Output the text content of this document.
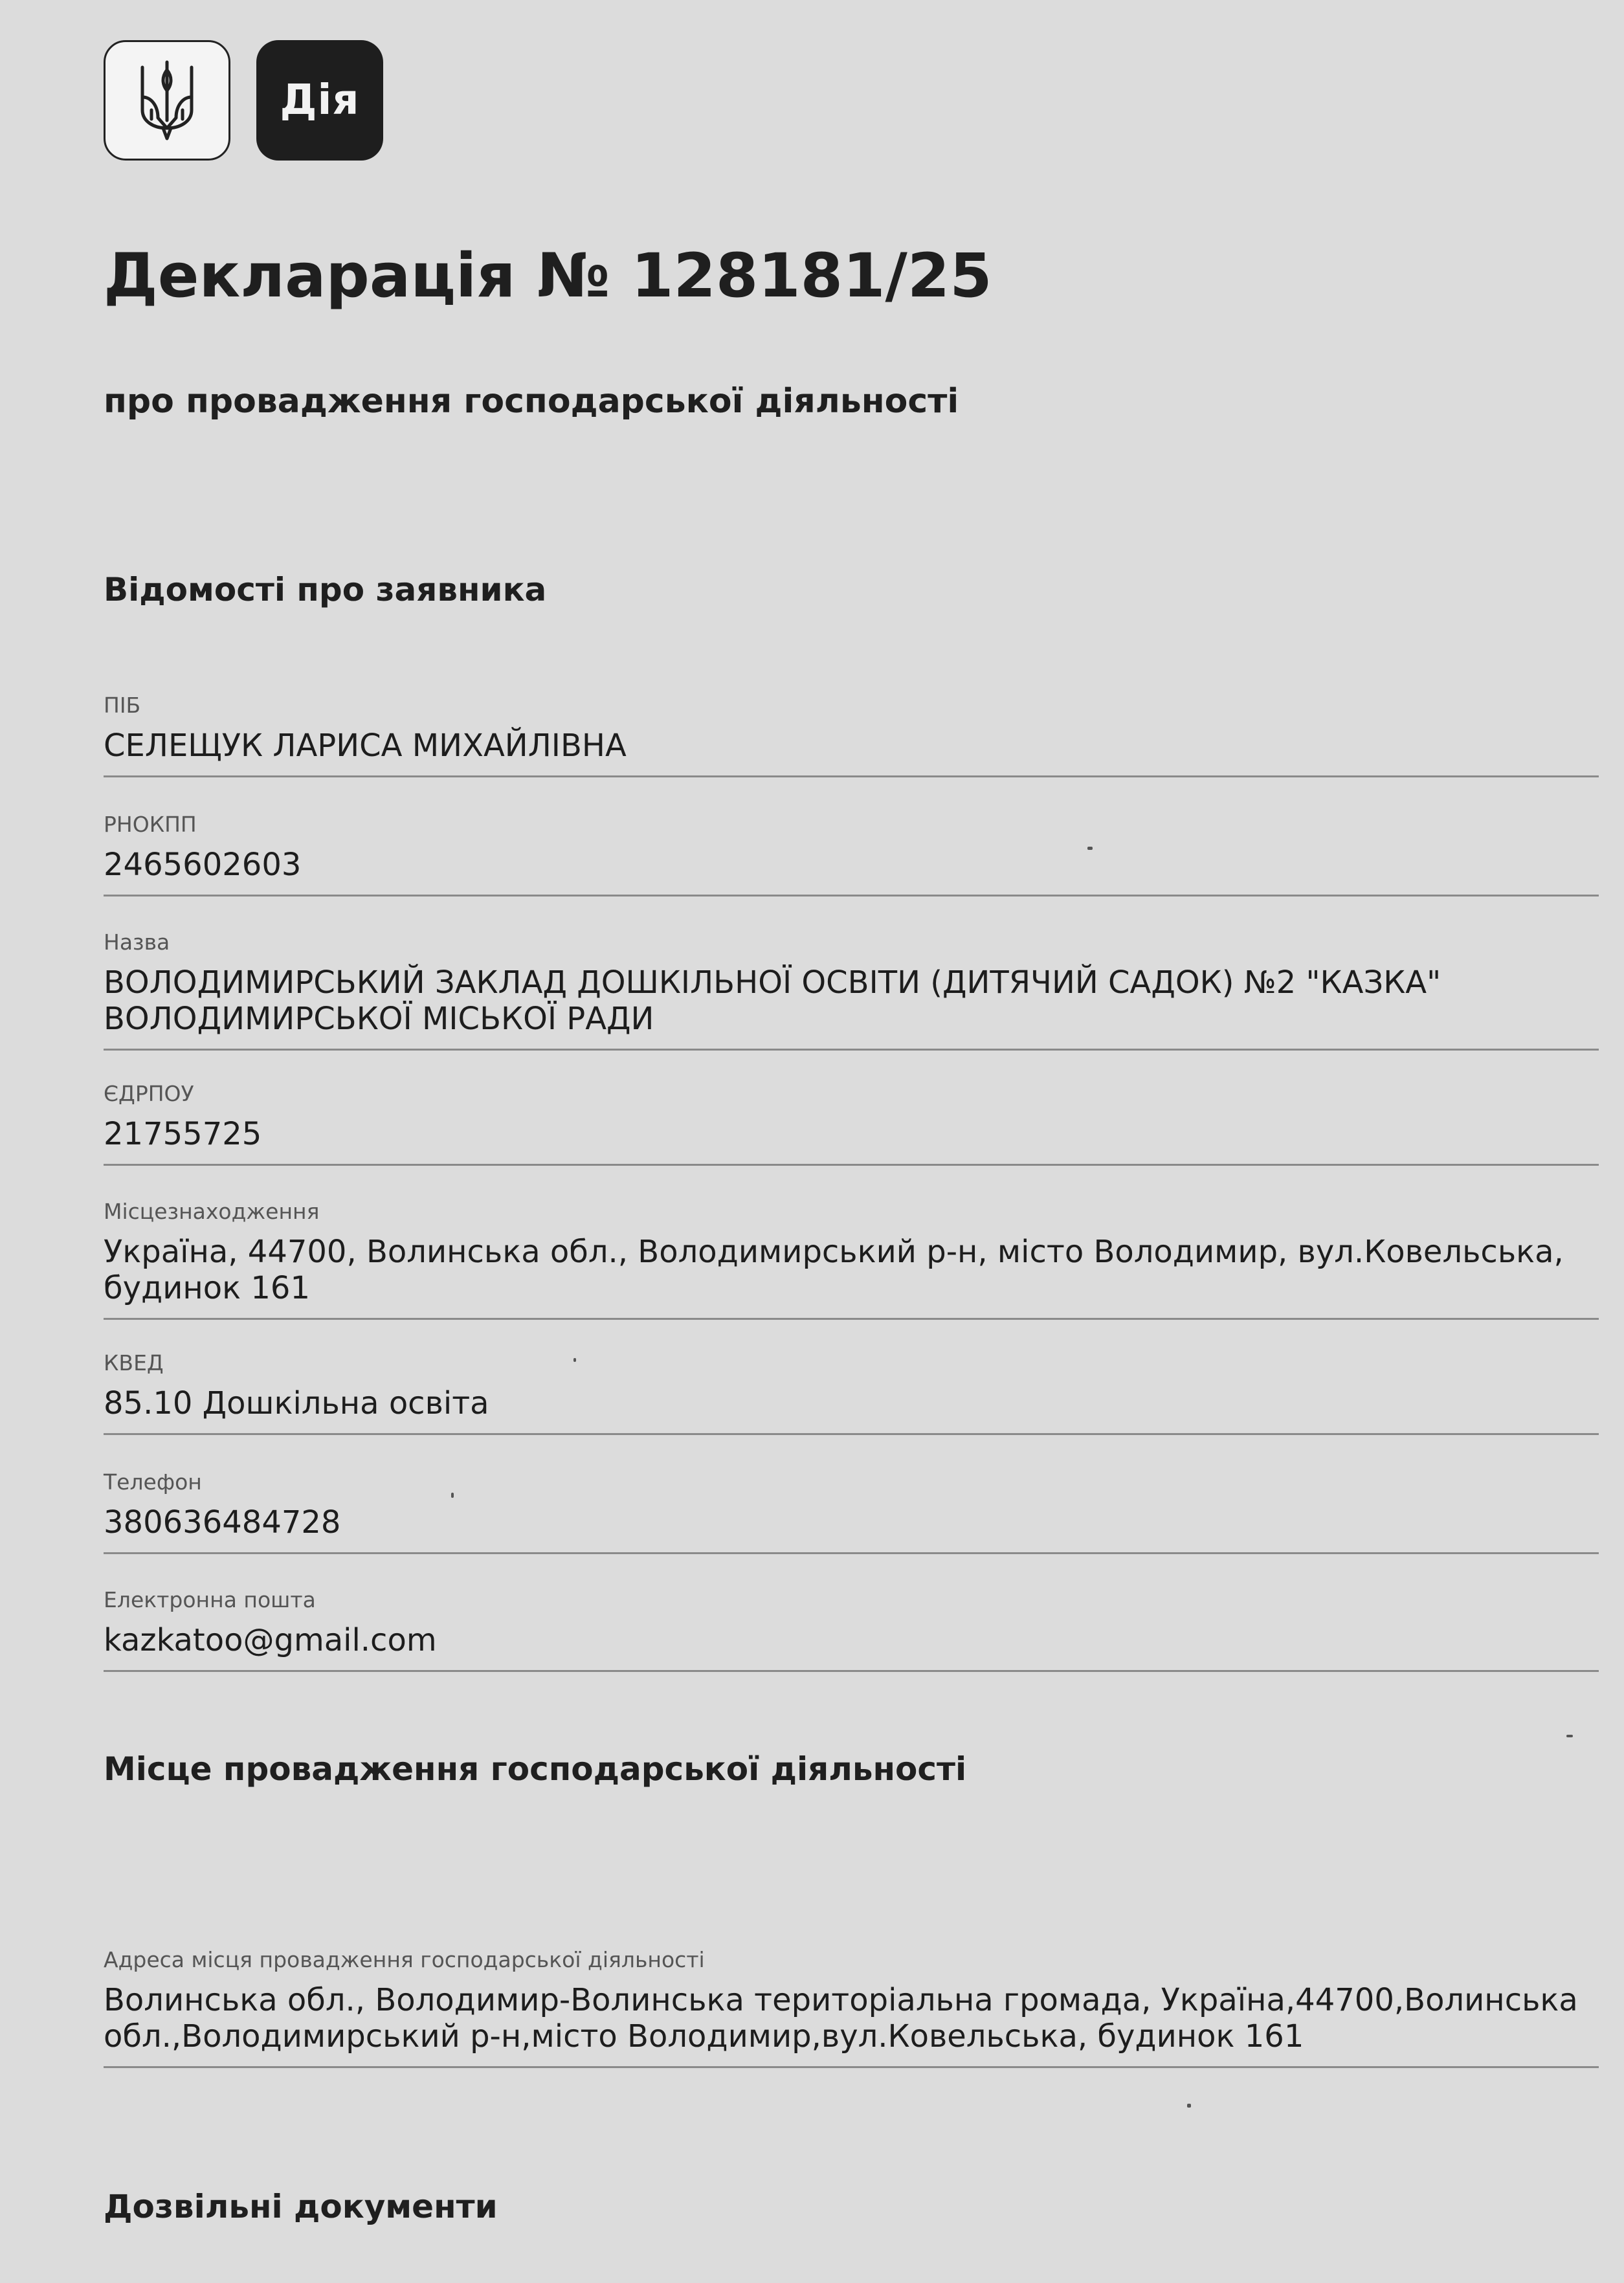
Дія
Декларація № 128181/25
про провадження господарської діяльності
Відомості про заявника
ПІБ
СЕЛЕЩУК ЛАРИСА МИХАЙЛІВНА
РНОКПП
2465602603
Назва
ВОЛОДИМИРСЬКИЙ ЗАКЛАД ДОШКІЛЬНОЇ ОСВІТИ (ДИТЯЧИЙ САДОК) №2 "КАЗКА"
ВОЛОДИМИРСЬКОЇ МІСЬКОЇ РАДИ
ЄДРПОУ
21755725
Місцезнаходження
Україна, 44700, Волинська обл., Володимирський р-н, місто Володимир, вул.Ковельська,
будинок 161
КВЕД
85.10 Дошкільна освіта
Телефон
380636484728
Електронна пошта
kazkatoo@gmail.com
Місце провадження господарської діяльності
Адреса місця провадження господарської діяльності
Волинська обл., Володимир-Волинська територіальна громада, Україна,44700,Волинська
обл.,Володимирський р-н,місто Володимир,вул.Ковельська, будинок 161
Дозвільні документи
